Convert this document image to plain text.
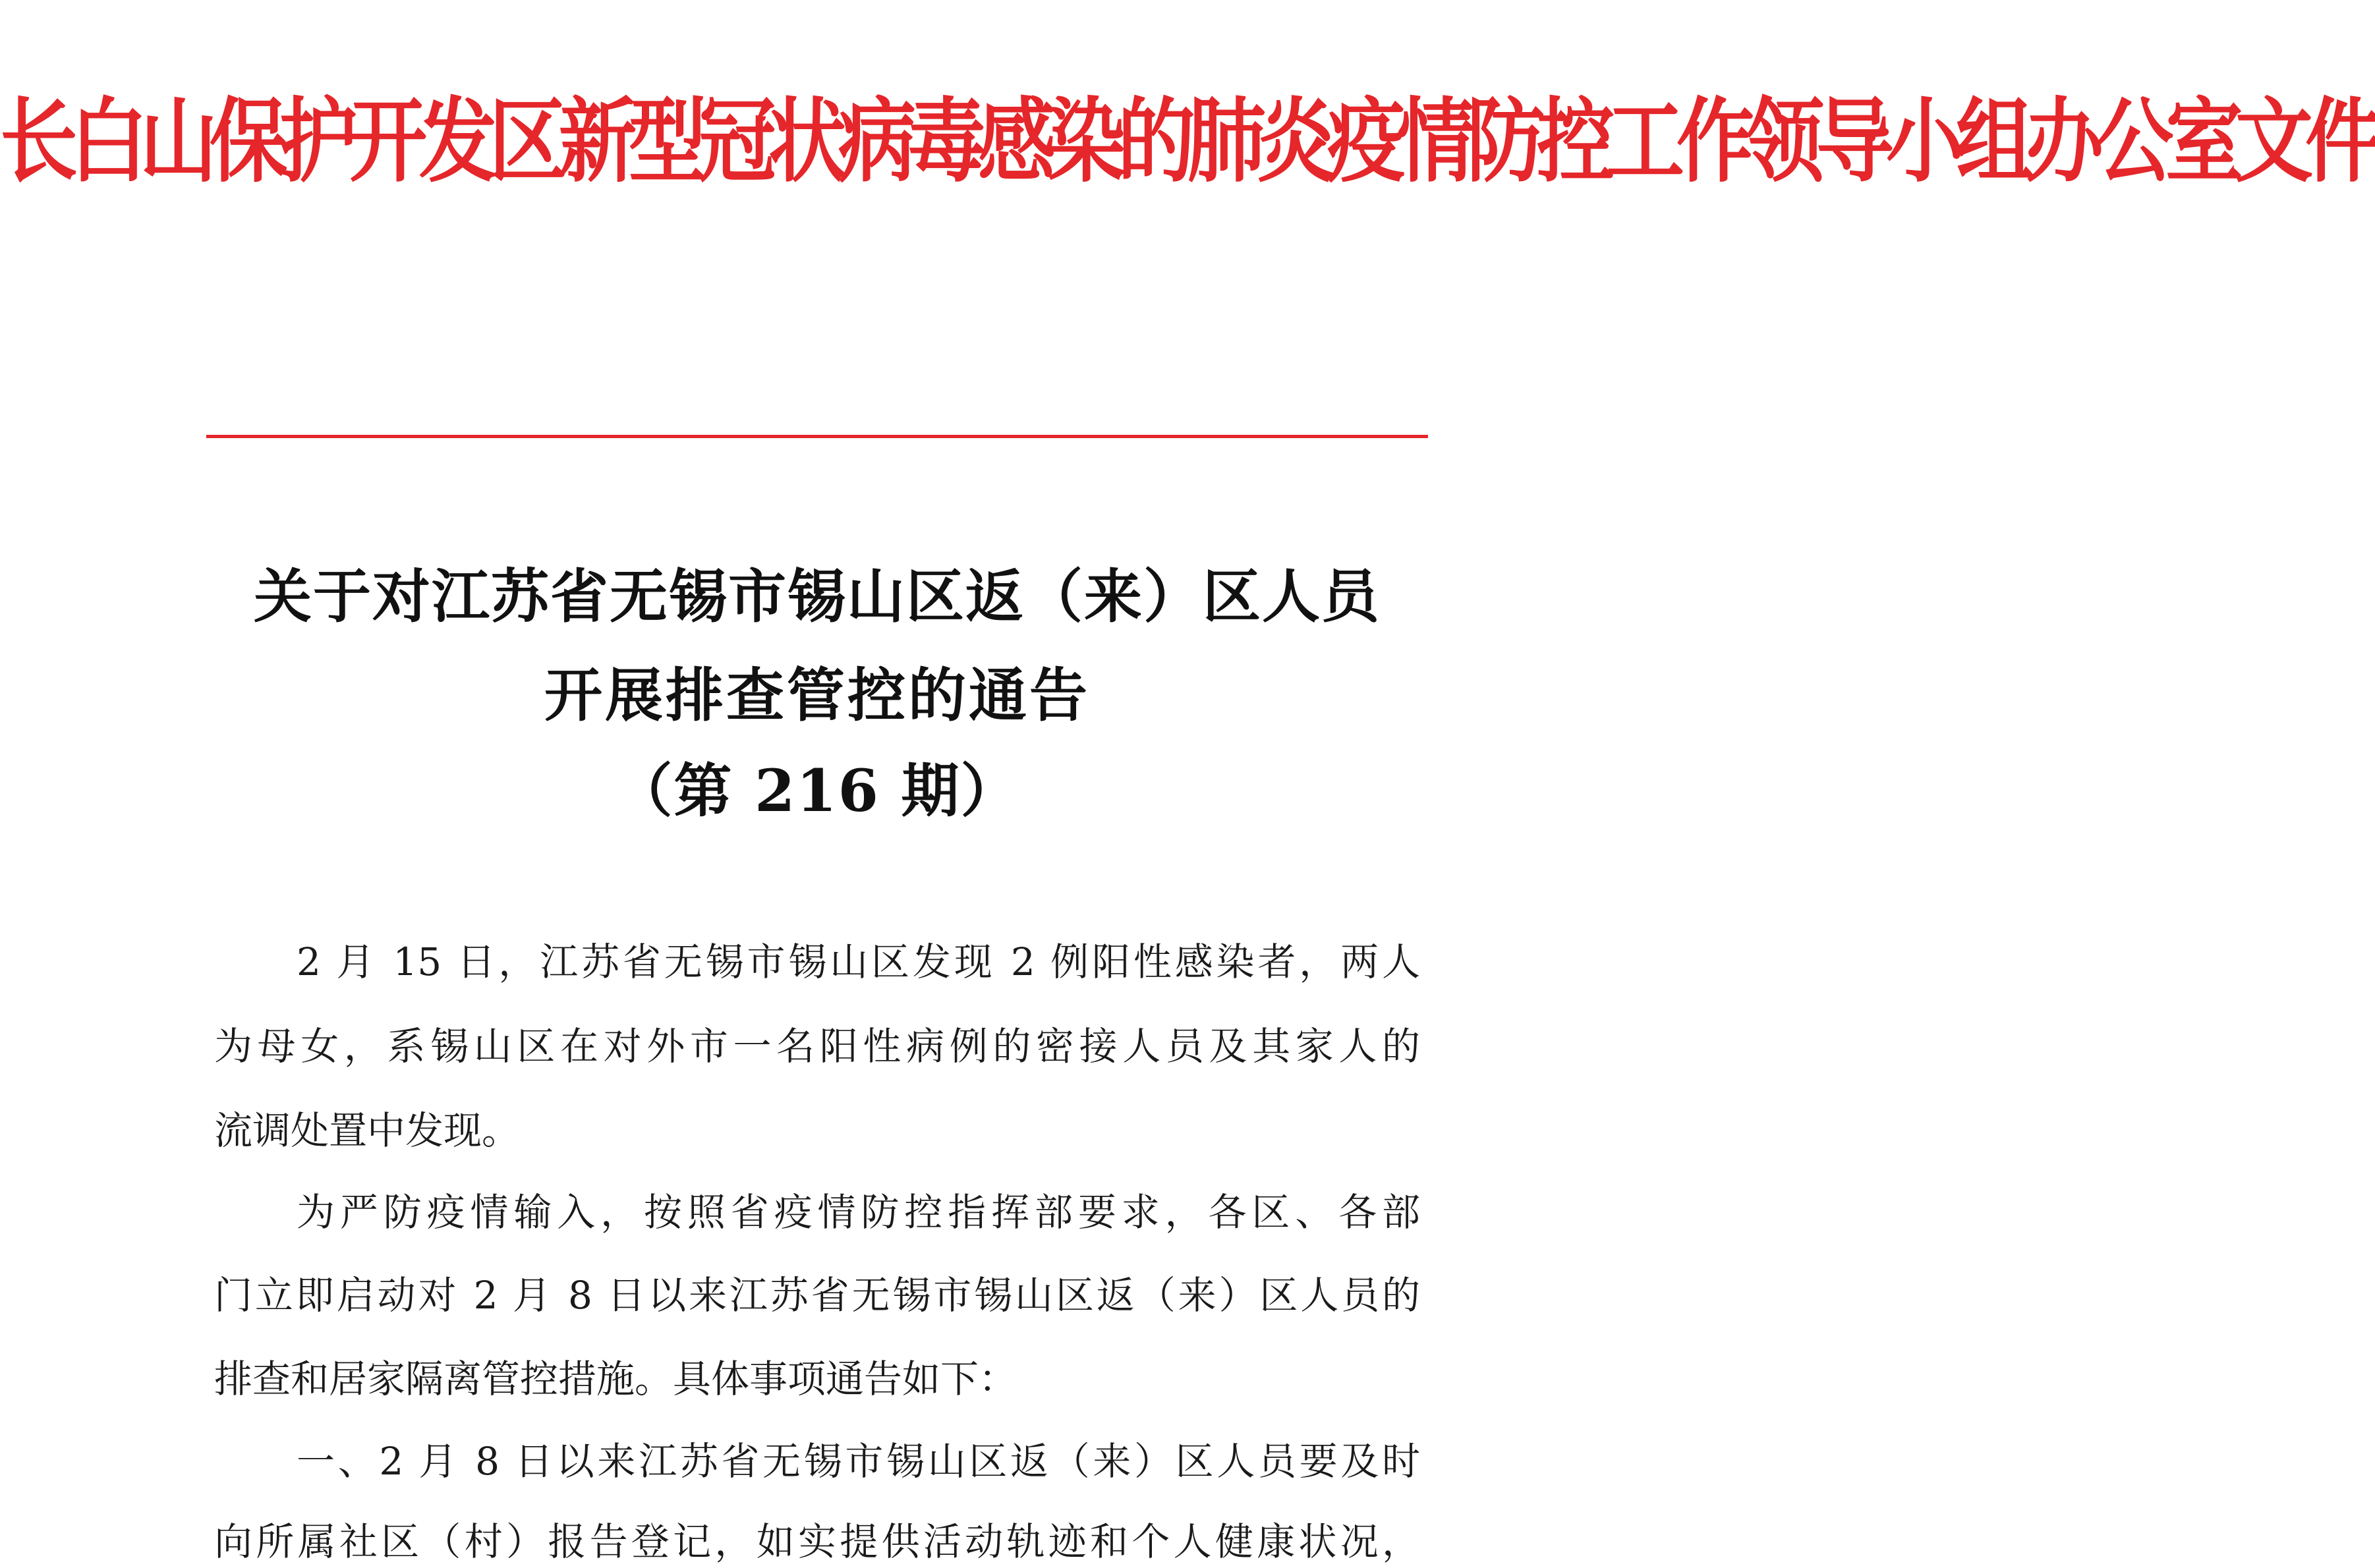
长白山保护开发区新型冠状病毒感染的肺炎疫情防控工作领导小组办公室文件
关于对江苏省无锡市锡山区返（来）区人员
开展排查管控的通告
（第 216 期）
2 月 15 日，江苏省无锡市锡山区发现 2 例阳性感染者，两人
为母女，系锡山区在对外市一名阳性病例的密接人员及其家人的
流调处置中发现。
为严防疫情输入，按照省疫情防控指挥部要求，各区、各部
门立即启动对 2 月 8 日以来江苏省无锡市锡山区返（来）区人员的
排查和居家隔离管控措施。具体事项通告如下：
一、2 月 8 日以来江苏省无锡市锡山区返（来）区人员要及时
向所属社区（村）报告登记，如实提供活动轨迹和个人健康状况，
